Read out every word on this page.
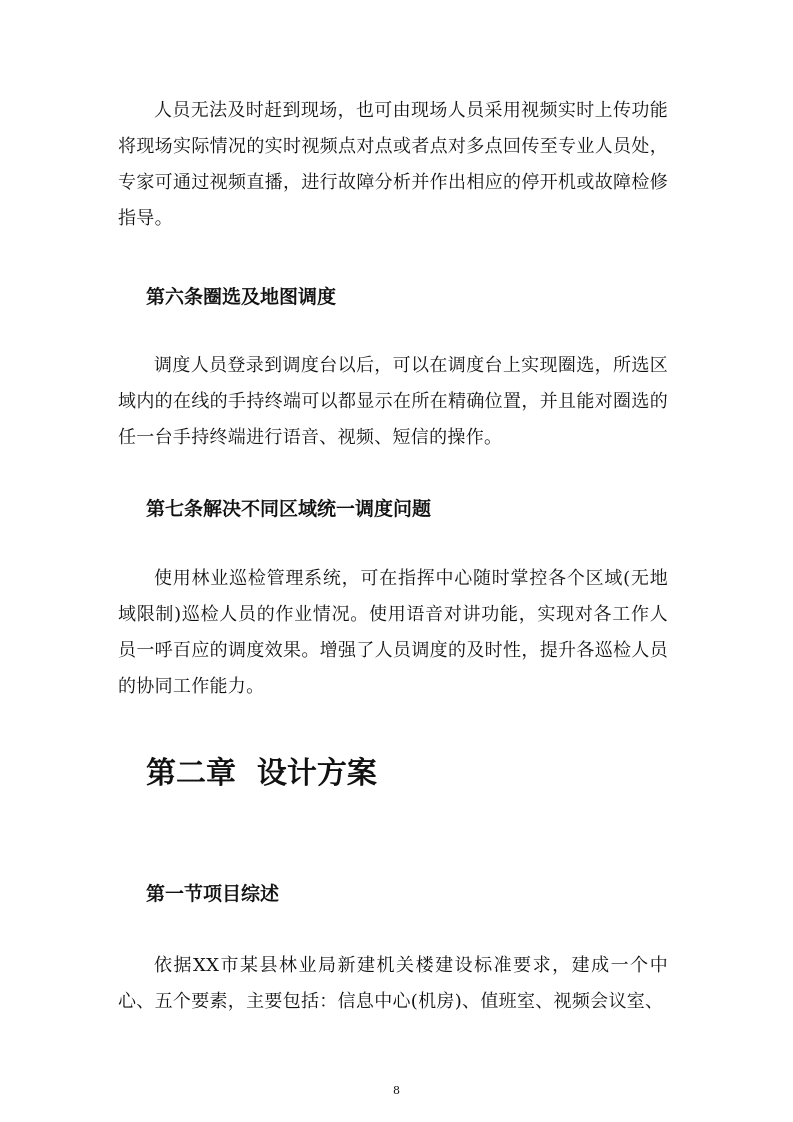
人员无法及时赶到现场，也可由现场人员采用视频实时上传功能将现场实际情况的实时视频点对点或者点对多点回传至专业人员处，专家可通过视频直播，进行故障分析并作出相应的停开机或故障检修指导。

第六条圈选及地图调度

调度人员登录到调度台以后，可以在调度台上实现圈选，所选区域内的在线的手持终端可以都显示在所在精确位置，并且能对圈选的任一台手持终端进行语音、视频、短信的操作。

第七条解决不同区域统一调度问题

使用林业巡检管理系统，可在指挥中心随时掌控各个区域(无地域限制)巡检人员的作业情况。使用语音对讲功能，实现对各工作人员一呼百应的调度效果。增强了人员调度的及时性，提升各巡检人员的协同工作能力。

第二章  设计方案
第一节项目综述

依据XX市某县林业局新建机关楼建设标准要求，建成一个中心、五个要素，主要包括：信息中心(机房)、值班室、视频会议室、

8
